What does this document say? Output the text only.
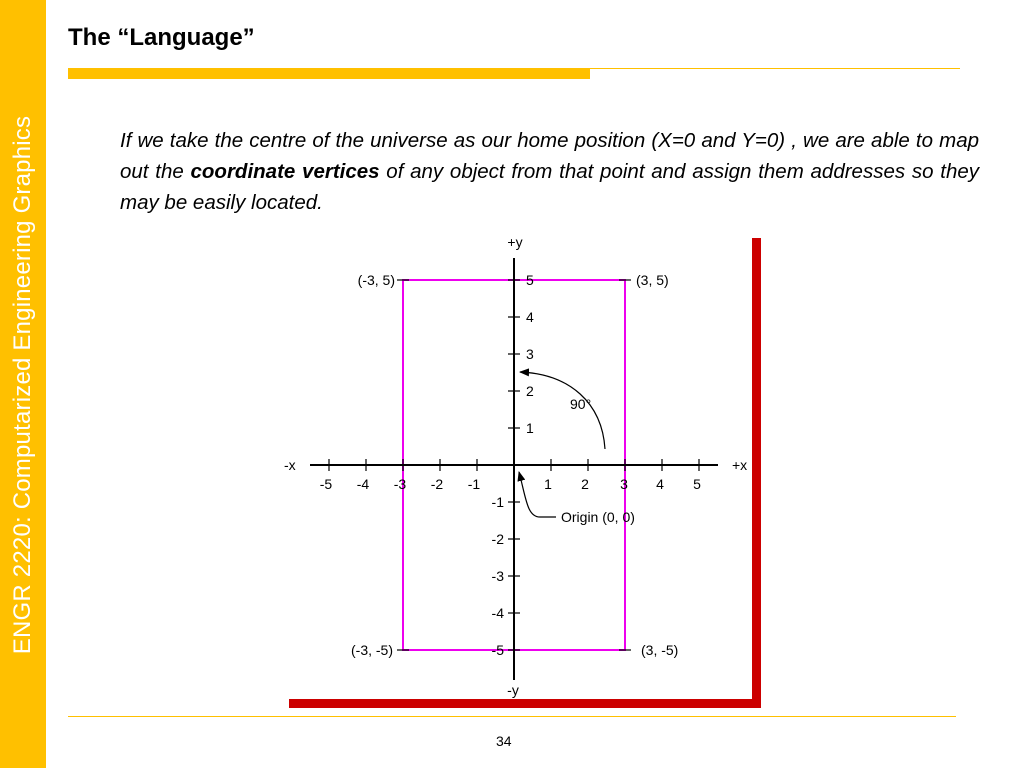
ENGR 2220: Computarized Engineering Graphics
The “Language”
If we take the centre of the universe as our home position (X=0 and Y=0) , we are able to map out the coordinate vertices of any object from that point and assign them addresses so they may be easily located.
+y
-y
+x
-x
-5 -4 -3 -2 -1	1 2 3 4 5
5
4
3
2
1
-1
-2
-3
-4
-5
(-3, 5)	(3, 5)
(-3, -5)	(3, -5)
90°
Origin (0, 0)
34
